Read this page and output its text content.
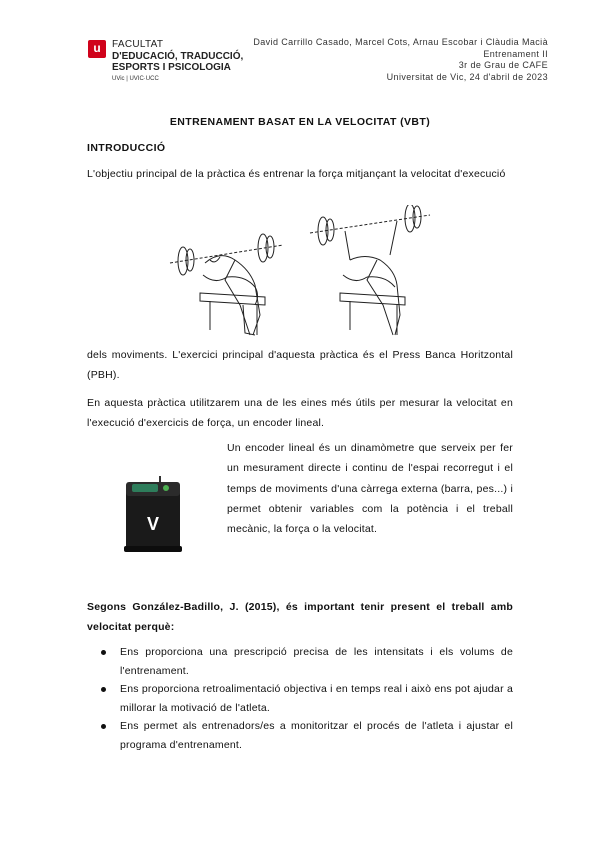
u	FACULTAT
D'EDUCACIÓ, TRADUCCIÓ,
ESPORTS I PSICOLOGIA
UVic | UVIC·UCC
David Carrillo Casado, Marcel Cots, Arnau Escobar i Clàudia Macià
Entrenament II
3r de Grau de CAFE
Universitat de Vic, 24 d'abril de 2023
ENTRENAMENT BASAT EN LA VELOCITAT (VBT)
INTRODUCCIÓ
L'objectiu principal de la pràctica és entrenar la força mitjançant la velocitat d'execució
dels moviments. L'exercici principal d'aquesta pràctica és el Press Banca Horitzontal (PBH).
En aquesta pràctica utilitzarem una de les eines més útils per mesurar la velocitat en l'execució d'exercicis de força, un encoder lineal.
V
Un encoder lineal és un dinamòmetre que serveix per fer un mesurament directe i continu de l'espai recorregut i el temps de moviments d'una càrrega externa (barra, pes...) i permet obtenir variables com la potència i el treball mecànic, la força o la velocitat.
Segons González-Badillo, J. (2015), és important tenir present el treball amb velocitat perquè:
Ens proporciona una prescripció precisa de les intensitats i els volums de l'entrenament.
Ens proporciona retroalimentació objectiva i en temps real i això ens pot ajudar a millorar la motivació de l'atleta.
Ens permet als entrenadors/es a monitoritzar el procés de l'atleta i ajustar el programa d'entrenament.
